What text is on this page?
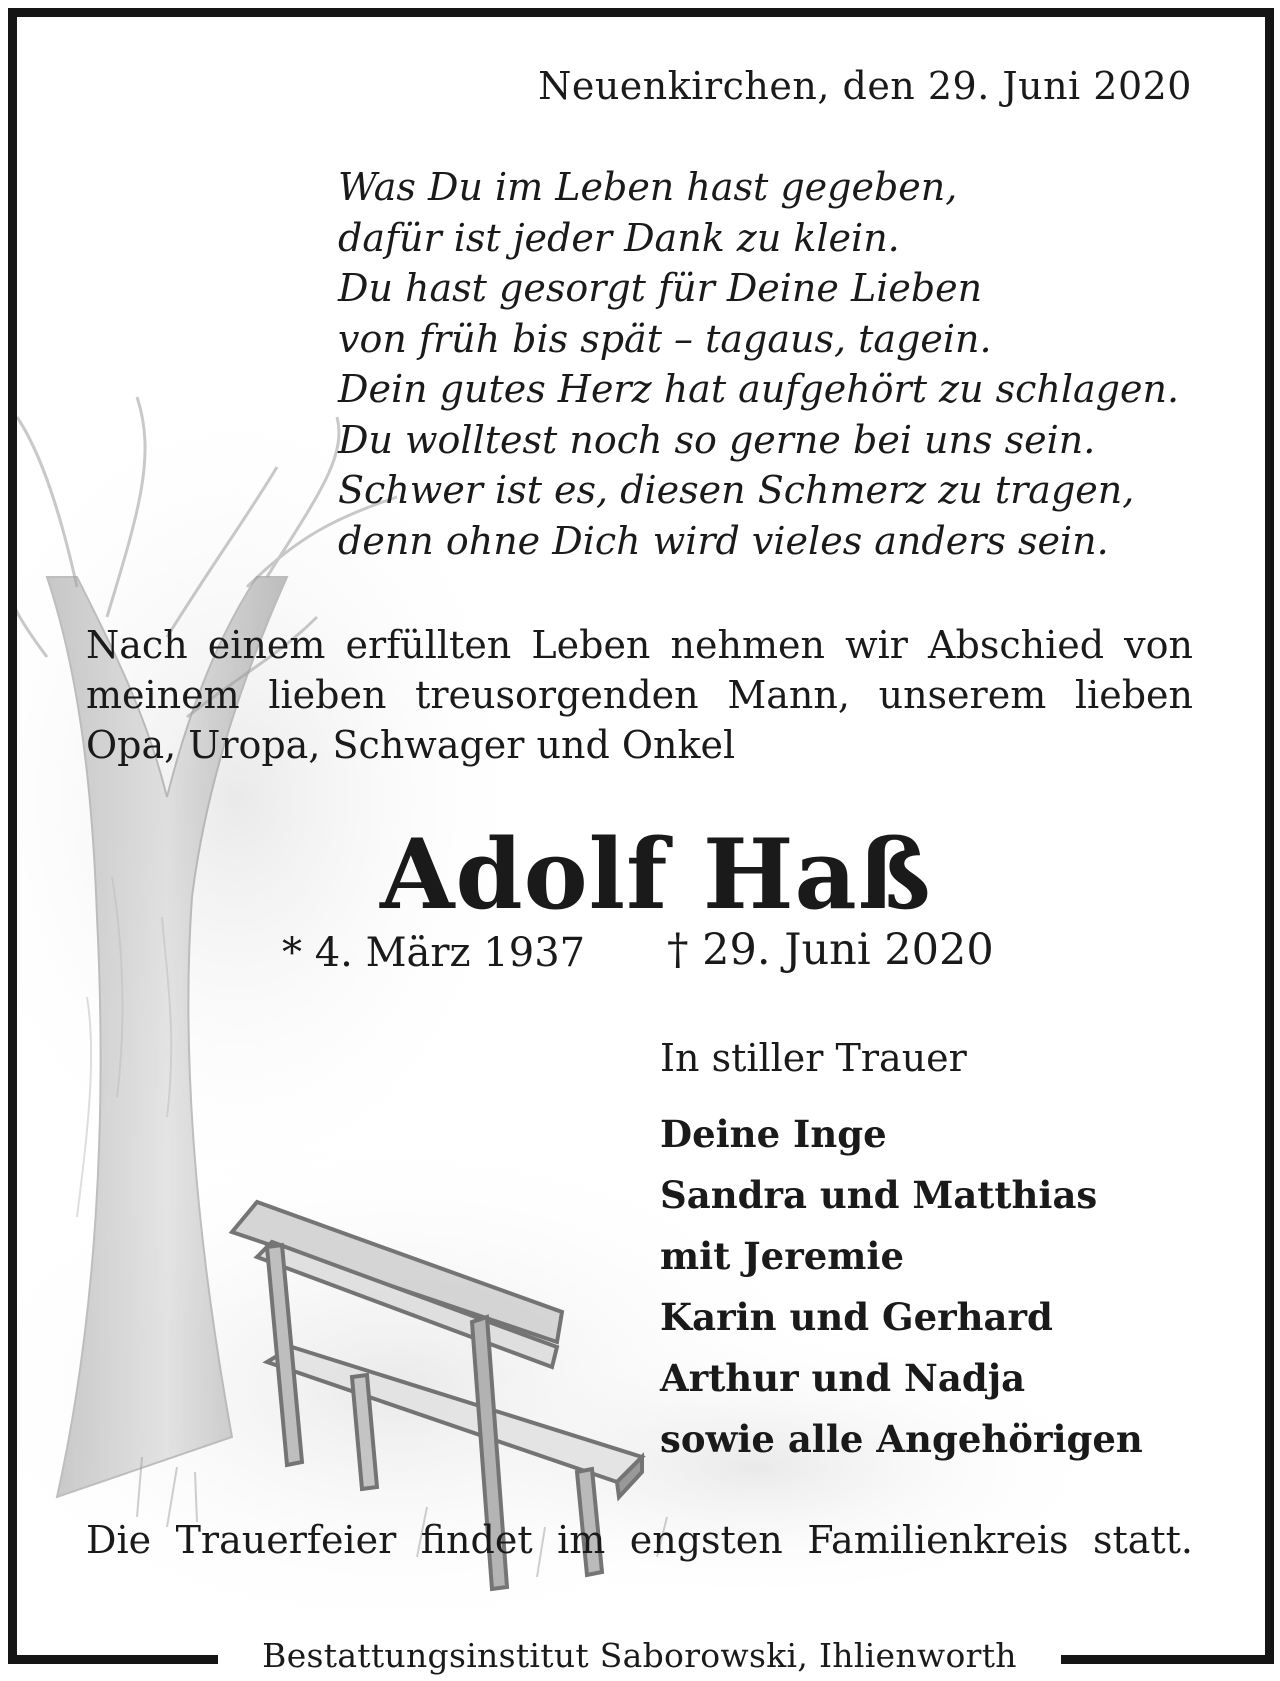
Neuenkirchen, den 29. Juni 2020
Was Du im Leben hast gegeben,
dafür ist jeder Dank zu klein.
Du hast gesorgt für Deine Lieben
von früh bis spät – tagaus, tagein.
Dein gutes Herz hat aufgehört zu schlagen.
Du wolltest noch so gerne bei uns sein.
Schwer ist es, diesen Schmerz zu tragen,
denn ohne Dich wird vieles anders sein.
Nach einem erfüllten Leben nehmen wir Abschied von meinem lieben treusorgenden Mann, unserem lieben Opa, Uropa, Schwager und Onkel
Adolf Haß
* 4. März 1937 † 29. Juni 2020
In stiller Trauer
Deine Inge
Sandra und Matthias
mit Jeremie
Karin und Gerhard
Arthur und Nadja
sowie alle Angehörigen
Die Trauerfeier findet im engsten Familienkreis statt.
Bestattungsinstitut Saborowski, Ihlienworth
